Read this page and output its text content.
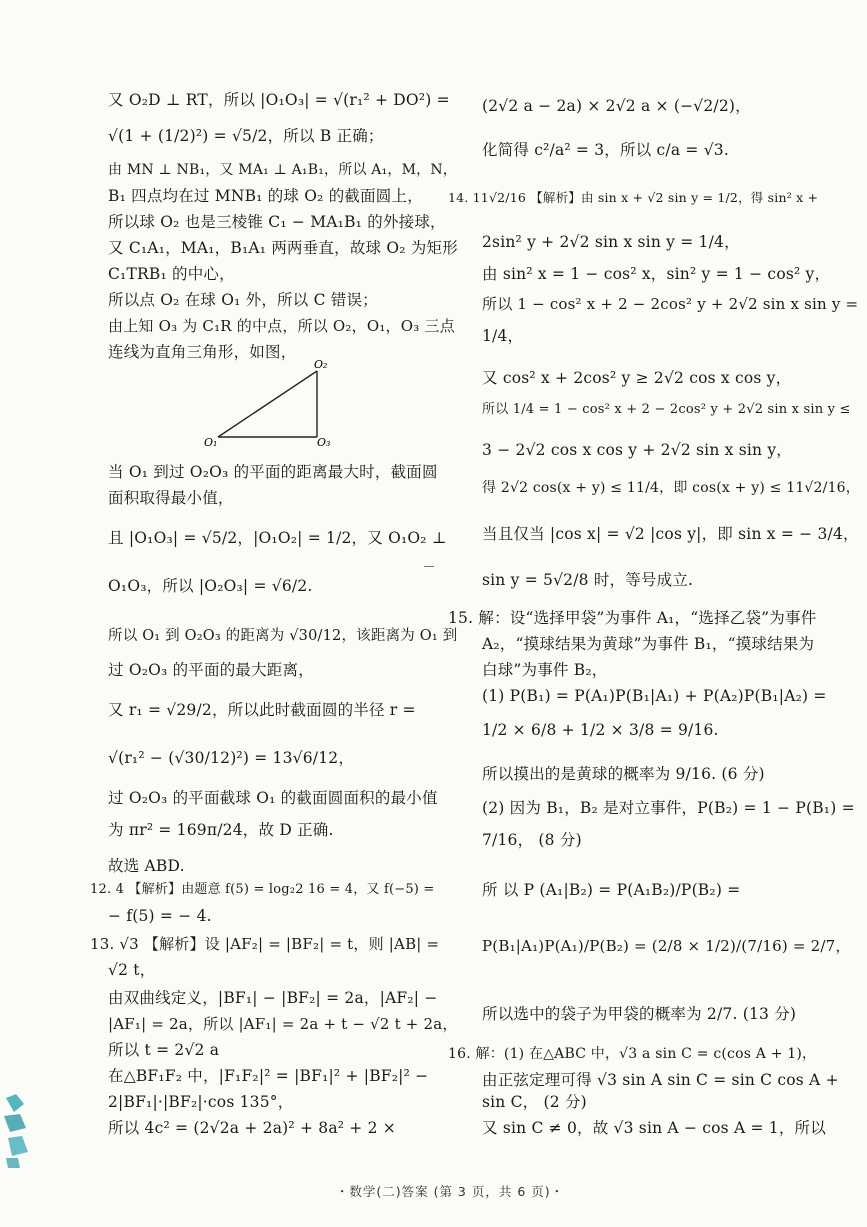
又 O₂D ⊥ RT，所以 |O₁O₃| = √(r₁² + DO²) =
√(1 + (1/2)²) = √5/2，所以 B 正确；
由 MN ⊥ NB₁，又 MA₁ ⊥ A₁B₁，所以 A₁，M，N，
B₁ 四点均在过 MNB₁ 的球 O₂ 的截面圆上，
所以球 O₂ 也是三棱锥 C₁ − MA₁B₁ 的外接球，
又 C₁A₁，MA₁，B₁A₁ 两两垂直，故球 O₂ 为矩形
C₁TRB₁ 的中心，
所以点 O₂ 在球 O₁ 外，所以 C 错误；
由上知 O₃ 为 C₁R 的中点，所以 O₂，O₁，O₃ 三点
连线为直角三角形，如图，
当 O₁ 到过 O₂O₃ 的平面的距离最大时，截面圆
面积取得最小值，
且 |O₁O₃| = √5/2，|O₁O₂| = 1/2，又 O₁O₂ ⊥
O₁O₃，所以 |O₂O₃| = √6/2.
所以 O₁ 到 O₂O₃ 的距离为 √30/12，该距离为 O₁ 到
过 O₂O₃ 的平面的最大距离，
又 r₁ = √29/2，所以此时截面圆的半径 r =
√(r₁² − (√30/12)²) = 13√6/12，
过 O₂O₃ 的平面截球 O₁ 的截面圆面积的最小值
为 πr² = 169π/24，故 D 正确.
故选 ABD.
12. 4 【解析】由题意 f(5) = log₂2 16 = 4，又 f(−5) =
− f(5) = − 4.
13. √3 【解析】设 |AF₂| = |BF₂| = t，则 |AB| =
√2 t，
由双曲线定义，|BF₁| − |BF₂| = 2a，|AF₂| −
|AF₁| = 2a，所以 |AF₁| = 2a + t − √2 t + 2a，
所以 t = 2√2 a
在△BF₁F₂ 中，|F₁F₂|² = |BF₁|² + |BF₂|² −
2|BF₁|·|BF₂|·cos 135°，
所以 4c² = (2√2a + 2a)² + 8a² + 2 ×
O₂
O₁	O₃
(2√2 a − 2a) × 2√2 a × (−√2/2)，
化简得 c²/a² = 3，所以 c/a = √3.
14. 11√2/16 【解析】由 sin x + √2 sin y = 1/2，得 sin² x +
2sin² y + 2√2 sin x sin y = 1/4，
由 sin² x = 1 − cos² x，sin² y = 1 − cos² y，
所以 1 − cos² x + 2 − 2cos² y + 2√2 sin x sin y =
1/4，
又 cos² x + 2cos² y ≥ 2√2 cos x cos y，
所以 1/4 = 1 − cos² x + 2 − 2cos² y + 2√2 sin x sin y ≤
3 − 2√2 cos x cos y + 2√2 sin x sin y，
得 2√2 cos(x + y) ≤ 11/4，即 cos(x + y) ≤ 11√2/16，
当且仅当 |cos x| = √2 |cos y|，即 sin x = − 3/4，
sin y = 5√2/8 时，等号成立.
15. 解：设“选择甲袋”为事件 A₁，“选择乙袋”为事件
A₂，“摸球结果为黄球”为事件 B₁，“摸球结果为
白球”为事件 B₂，
(1) P(B₁) = P(A₁)P(B₁|A₁) + P(A₂)P(B₁|A₂) =
1/2 × 6/8 + 1/2 × 3/8 = 9/16.
所以摸出的是黄球的概率为 9/16. (6 分)
(2) 因为 B₁，B₂ 是对立事件，P(B₂) = 1 − P(B₁) =
7/16， (8 分)
所 以 P (A₁|B₂) = P(A₁B₂)/P(B₂) =
P(B₁|A₁)P(A₁)/P(B₂) = (2/8 × 1/2)/(7/16) = 2/7，
所以选中的袋子为甲袋的概率为 2/7. (13 分)
16. 解：(1) 在△ABC 中，√3 a sin C = c(cos A + 1)，
由正弦定理可得 √3 sin A sin C = sin C cos A +
sin C， (2 分)
又 sin C ≠ 0，故 √3 sin A − cos A = 1，所以
・数学(二)答案 (第 3 页，共 6 页)・
